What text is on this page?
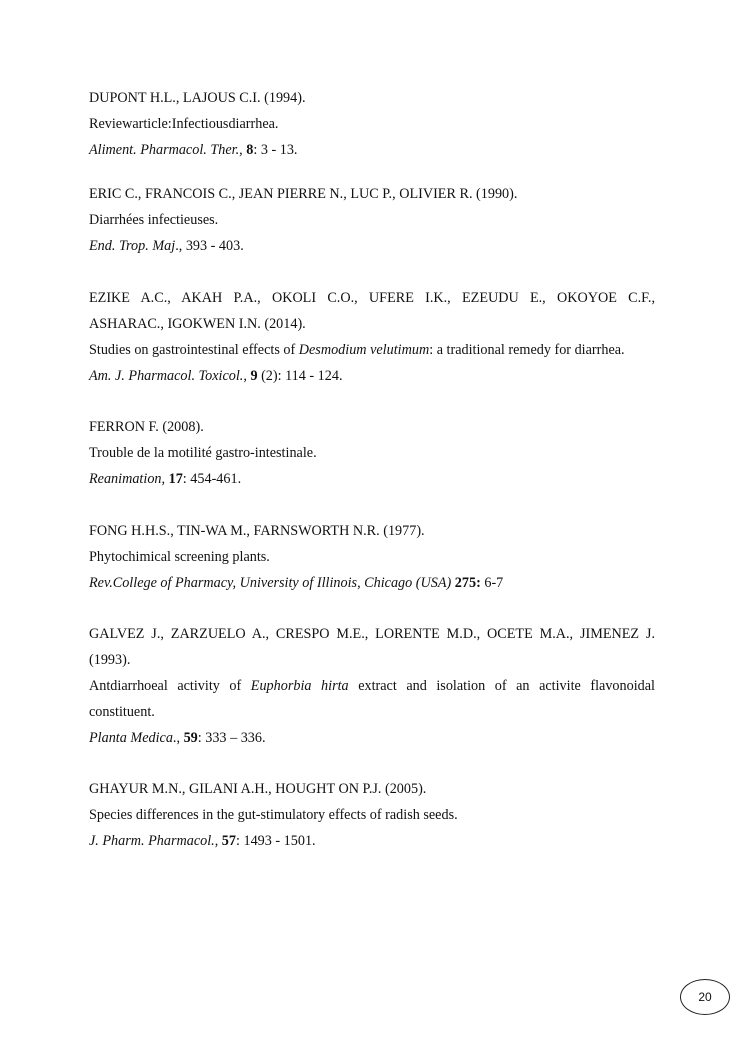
DUPONT H.L., LAJOUS C.I. (1994).
Reviewarticle:Infectiousdiarrhea.
Aliment. Pharmacol. Ther., 8: 3 - 13.
ERIC C., FRANCOIS C., JEAN PIERRE N., LUC P., OLIVIER R. (1990).
Diarrhées infectieuses.
End. Trop. Maj., 393 - 403.
EZIKE A.C., AKAH P.A., OKOLI C.O., UFERE I.K., EZEUDU E., OKOYOE C.F.,
ASHARAC., IGOKWEN I.N. (2014).
Studies on gastrointestinal effects of Desmodium velutimum: a traditional remedy for diarrhea.
Am. J. Pharmacol. Toxicol., 9 (2): 114 - 124.
FERRON F. (2008).
Trouble de la motilité gastro-intestinale.
Reanimation, 17: 454-461.
FONG H.H.S., TIN-WA M., FARNSWORTH N.R. (1977).
Phytochimical screening plants.
Rev.College of Pharmacy, University of Illinois, Chicago (USA) 275: 6-7
GALVEZ J., ZARZUELO A., CRESPO M.E., LORENTE M.D., OCETE M.A., JIMENEZ J.
(1993).
Antdiarrhoeal activity of Euphorbia hirta extract and isolation of an activite flavonoidal
constituent.
Planta Medica., 59: 333 – 336.
GHAYUR M.N., GILANI A.H., HOUGHT ON P.J. (2005).
Species differences in the gut-stimulatory effects of radish seeds.
J. Pharm. Pharmacol., 57: 1493 - 1501.
20
